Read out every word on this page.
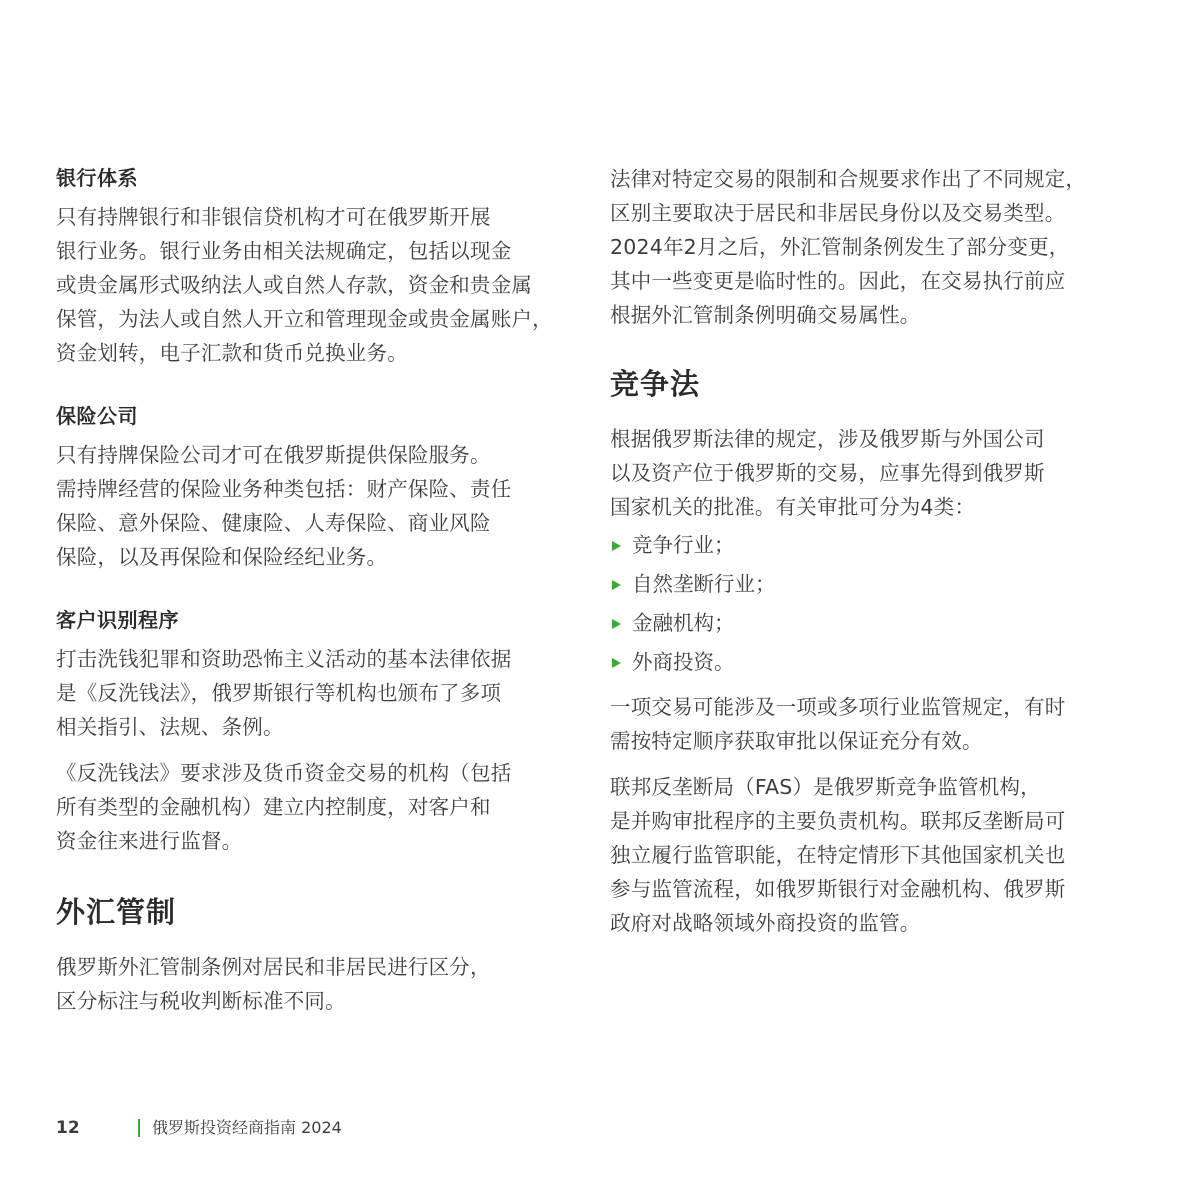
银行体系

只有持牌银行和非银信贷机构才可在俄罗斯开展
银行业务。银行业务由相关法规确定，包括以现金
或贵金属形式吸纳法人或自然人存款，资金和贵金属
保管，为法人或自然人开立和管理现金或贵金属账户，
资金划转，电子汇款和货币兑换业务。

保险公司

只有持牌保险公司才可在俄罗斯提供保险服务。
需持牌经营的保险业务种类包括：财产保险、责任
保险、意外保险、健康险、人寿保险、商业风险
保险，以及再保险和保险经纪业务。

客户识别程序

打击洗钱犯罪和资助恐怖主义活动的基本法律依据
是《反洗钱法》，俄罗斯银行等机构也颁布了多项
相关指引、法规、条例。

《反洗钱法》要求涉及货币资金交易的机构（包括
所有类型的金融机构）建立内控制度，对客户和
资金往来进行监督。

外汇管制

俄罗斯外汇管制条例对居民和非居民进行区分，
区分标注与税收判断标准不同。

法律对特定交易的限制和合规要求作出了不同规定，
区别主要取决于居民和非居民身份以及交易类型。
2024年2月之后，外汇管制条例发生了部分变更，
其中一些变更是临时性的。因此，在交易执行前应
根据外汇管制条例明确交易属性。

竞争法

根据俄罗斯法律的规定，涉及俄罗斯与外国公司
以及资产位于俄罗斯的交易，应事先得到俄罗斯
国家机关的批准。有关审批可分为4类：

竞争行业；
自然垄断行业；
金融机构；
外商投资。

一项交易可能涉及一项或多项行业监管规定，有时
需按特定顺序获取审批以保证充分有效。

联邦反垄断局（FAS）是俄罗斯竞争监管机构，
是并购审批程序的主要负责机构。联邦反垄断局可
独立履行监管职能，在特定情形下其他国家机关也
参与监管流程，如俄罗斯银行对金融机构、俄罗斯
政府对战略领域外商投资的监管。

12	俄罗斯投资经商指南 2024
